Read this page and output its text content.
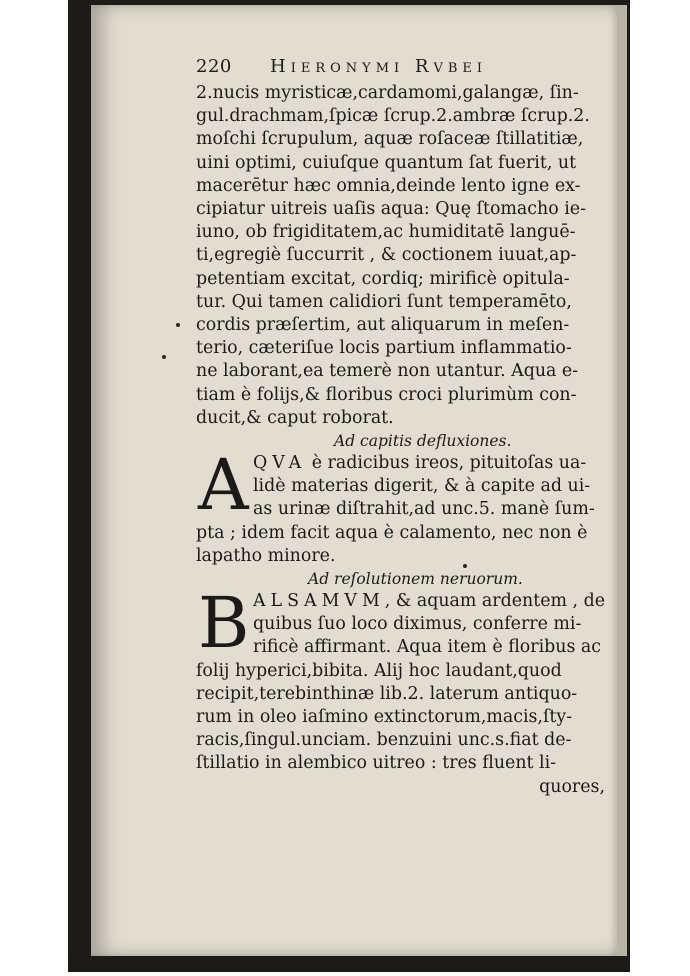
220	Hieronymi Rvbei
2.nucis myristicæ,cardamomi,galangæ, ſin-
gul.drachmam,ſpicæ ſcrup.2.ambræ ſcrup.2.
moſchi ſcrupulum, aquæ roſaceæ ſtillatitiæ,
uini optimi, cuiuſque quantum ſat fuerit, ut
macerētur hæc omnia,deinde lento igne ex-
cipiatur uitreis uaſis aqua: Quę ſtomacho ie-
iuno, ob frigiditatem,ac humiditatē languē-
ti,egregiè ſuccurrit , & coctionem iuuat,ap-
petentiam excitat, cordiq; mirificè opitula-
tur. Qui tamen calidiori ſunt temperamēto,
cordis præſertim, aut aliquarum in meſen-
terio, cæteriſue locis partium inflammatio-
ne laborant,ea temerè non utantur. Aqua e-
tiam è folijs,& floribus croci plurimùm con-
ducit,& caput roborat.
Ad capitis defluxiones.
A QVA è radicibus ireos, pituitoſas ua-
lidè materias digerit, & à capite ad ui-
as urinæ diſtrahit,ad unc.5. manè ſum-
pta ; idem facit aqua è calamento, nec non è
lapatho minore.
Ad reſolutionem neruorum.
B ALSAMVM, & aquam ardentem , de
quibus ſuo loco diximus, conferre mi-
rificè affirmant. Aqua item è floribus ac
folij hyperici,bibita. Alij hoc laudant,quod
recipit,terebinthinæ lib.2. laterum antiquo-
rum in oleo iaſmino extinctorum,macis,ſty-
racis,ſingul.unciam. benzuini unc.s.fiat de-
ſtillatio in alembico uitreo : tres fluent li-
quores,
